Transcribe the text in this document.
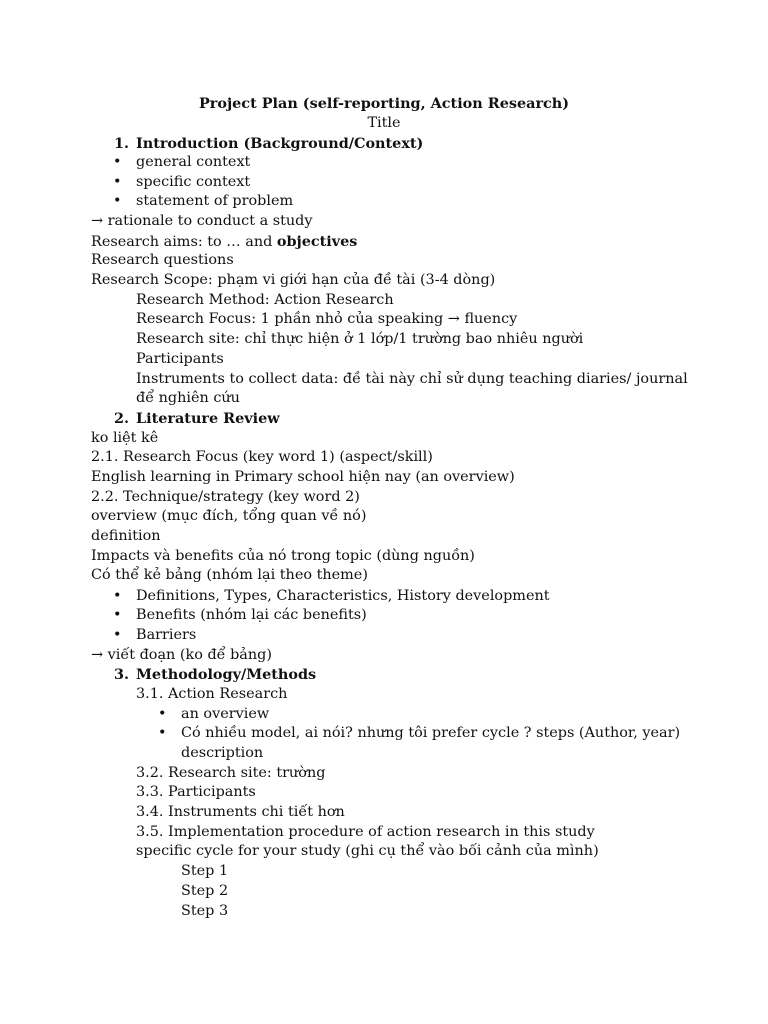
Project Plan (self-reporting, Action Research)
Title
1. Introduction (Background/Context)
• general context
• specific context
• statement of problem
→ rationale to conduct a study
Research aims: to … and objectives
Research questions
Research Scope: phạm vi giới hạn của đề tài (3-4 dòng)
Research Method: Action Research
Research Focus: 1 phần nhỏ của speaking → fluency
Research site: chỉ thực hiện ở 1 lớp/1 trường bao nhiêu người
Participants
Instruments to collect data: đề tài này chỉ sử dụng teaching diaries/ journal
để nghiên cứu
2. Literature Review
ko liệt kê
2.1. Research Focus (key word 1) (aspect/skill)
English learning in Primary school hiện nay (an overview)
2.2. Technique/strategy (key word 2)
overview (mục đích, tổng quan về nó)
definition
Impacts và benefits của nó trong topic (dùng nguồn)
Có thể kẻ bảng (nhóm lại theo theme)
• Definitions, Types, Characteristics, History development
• Benefits (nhóm lại các benefits)
• Barriers
→ viết đoạn (ko để bảng)
3. Methodology/Methods
3.1. Action Research
• an overview
• Có nhiều model, ai nói? nhưng tôi prefer cycle ? steps (Author, year)
description
3.2. Research site: trường
3.3. Participants
3.4. Instruments chi tiết hơn
3.5. Implementation procedure of action research in this study
specific cycle for your study (ghi cụ thể vào bối cảnh của mình)
Step 1
Step 2
Step 3
